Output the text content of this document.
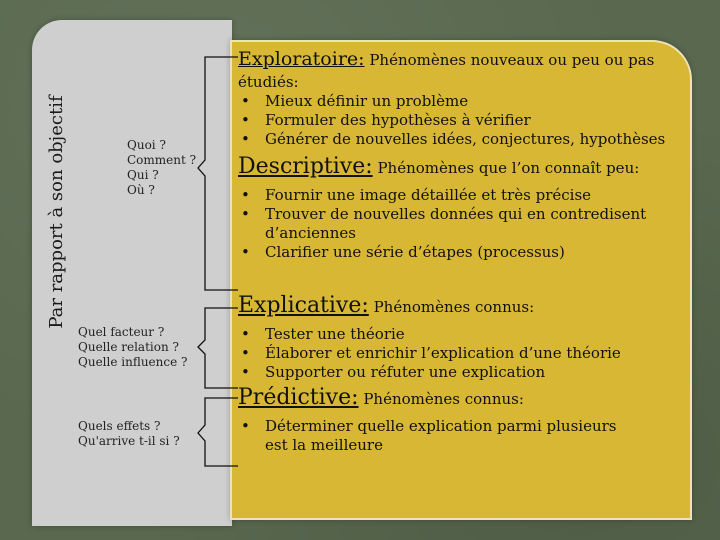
Par rapport à son objectif	Quoi ?
Comment ?
Qui ?
Où ?
Quel facteur ?
Quelle relation ?
Quelle influence ?
Quels effets ?
Qu'arrive t-il si ?
Exploratoire: Phénomènes nouveaux ou peu ou pas
étudiés:
• Mieux définir un problème
• Formuler des hypothèses à vérifier
• Générer de nouvelles idées, conjectures, hypothèses
Descriptive: Phénomènes que l’on connaît peu:
• Fournir une image détaillée et très précise
• Trouver de nouvelles données qui en contredisent d’anciennes
• Clarifier une série d’étapes (processus)
Explicative: Phénomènes connus:
• Tester une théorie
• Élaborer et enrichir l’explication d’une théorie
• Supporter ou réfuter une explication
Prédictive: Phénomènes connus:
• Déterminer quelle explication parmi plusieurs est la meilleure
